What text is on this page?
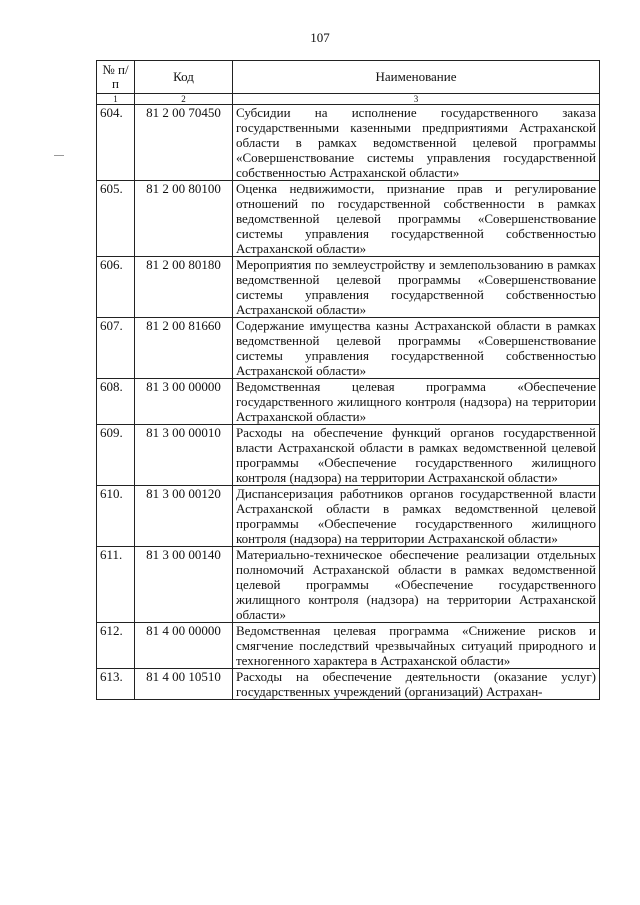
107
№ п/п	Код	Наименование
1	2	3
604.	81 2 00 70450	Субсидии на исполнение государственного заказа государственными казенными предприятиями Астраханской области в рамках ведомственной целевой программы «Совершенствование системы управления государственной собственностью Астраханской области»
605.	81 2 00 80100	Оценка недвижимости, признание прав и регулирование отношений по государственной собственности в рамках ведомственной целевой программы «Совершенствование системы управления государственной собственностью Астраханской области»
606.	81 2 00 80180	Мероприятия по землеустройству и землепользованию в рамках ведомственной целевой программы «Совершенствование системы управления государственной собственностью Астраханской области»
607.	81 2 00 81660	Содержание имущества казны Астраханской области в рамках ведомственной целевой программы «Совершенствование системы управления государственной собственностью Астраханской области»
608.	81 3 00 00000	Ведомственная целевая программа «Обеспечение государственного жилищного контроля (надзора) на территории Астраханской области»
609.	81 3 00 00010	Расходы на обеспечение функций органов государственной власти Астраханской области в рамках ведомственной целевой программы «Обеспечение государственного жилищного контроля (надзора) на территории Астраханской области»
610.	81 3 00 00120	Диспансеризация работников органов государственной власти Астраханской области в рамках ведомственной целевой программы «Обеспечение государственного жилищного контроля (надзора) на территории Астраханской области»
611.	81 3 00 00140	Материально-техническое обеспечение реализации отдельных полномочий Астраханской области в рамках ведомственной целевой программы «Обеспечение государственного жилищного контроля (надзора) на территории Астраханской области»
612.	81 4 00 00000	Ведомственная целевая программа «Снижение рисков и смягчение последствий чрезвычайных ситуаций природного и техногенного характера в Астраханской области»
613.	81 4 00 10510	Расходы на обеспечение деятельности (оказание услуг) государственных учреждений (организаций) Астрахан-
